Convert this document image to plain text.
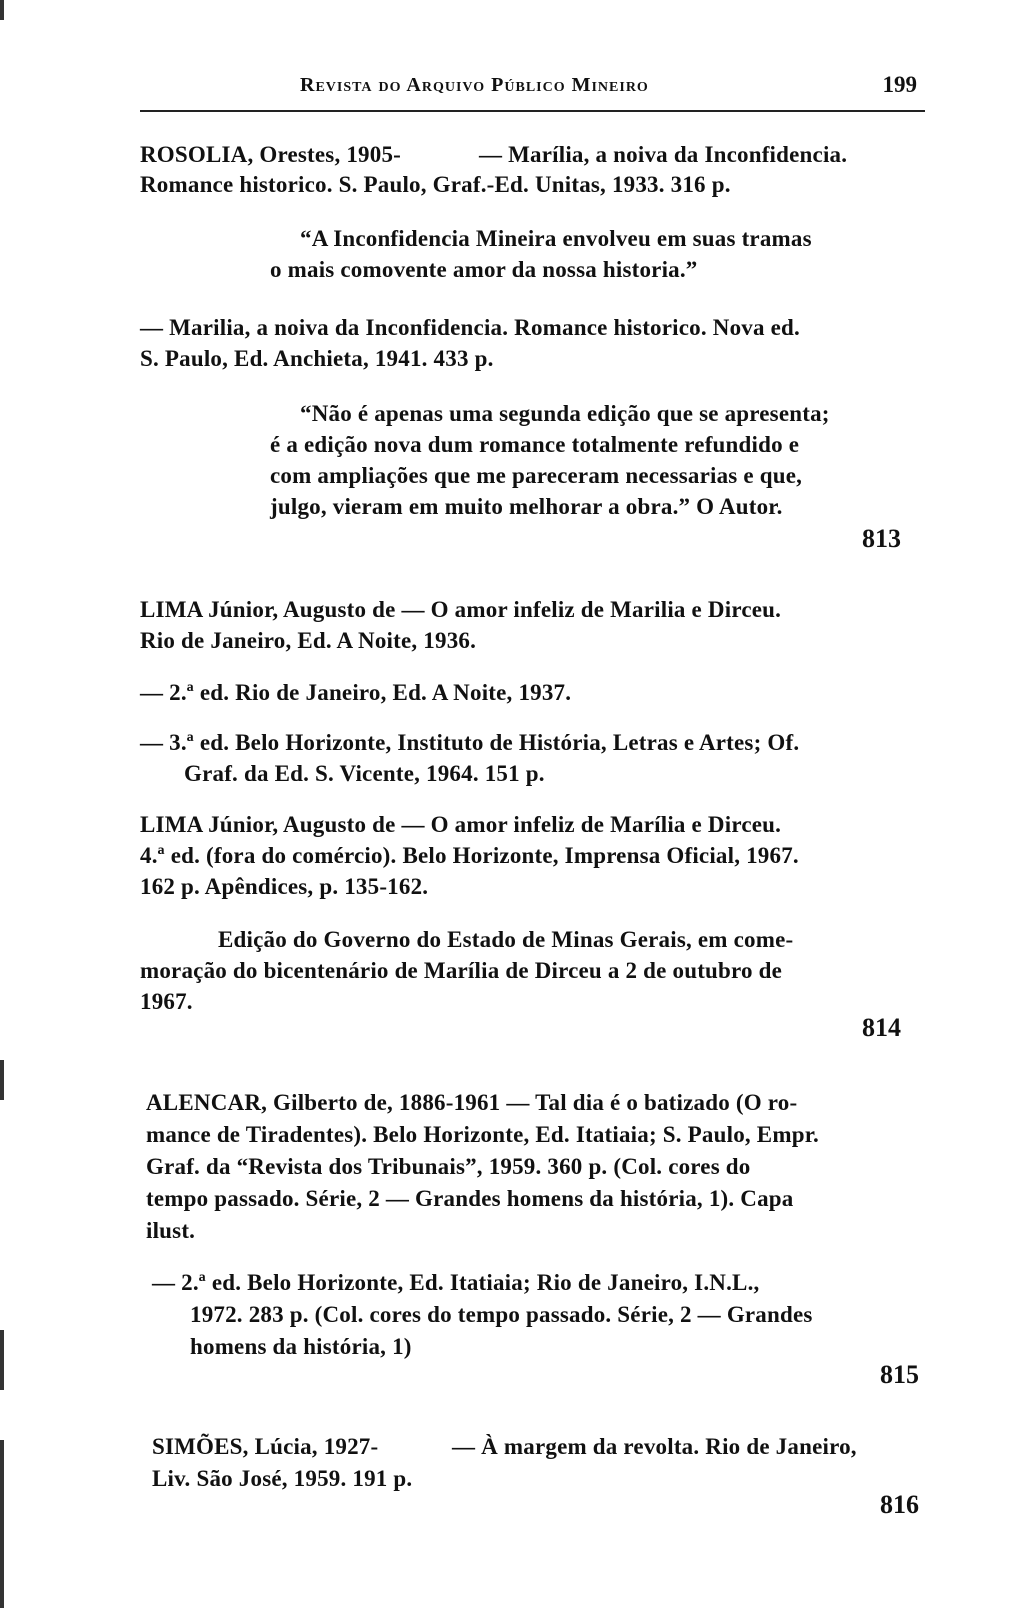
Revista do Arquivo Público Mineiro	199
ROSOLIA, Orestes, 1905-	— Marília, a noiva da Inconfidencia.
Romance historico. S. Paulo, Graf.-Ed. Unitas, 1933. 316 p.
“A Inconfidencia Mineira envolveu em suas tramas
o mais comovente amor da nossa historia.”
— Marilia, a noiva da Inconfidencia. Romance historico. Nova ed.
S. Paulo, Ed. Anchieta, 1941. 433 p.
“Não é apenas uma segunda edição que se apresenta;
é a edição nova dum romance totalmente refundido e
com ampliações que me pareceram necessarias e que,
julgo, vieram em muito melhorar a obra.” O Autor.
813
LIMA Júnior, Augusto de — O amor infeliz de Marilia e Dirceu.
Rio de Janeiro, Ed. A Noite, 1936.
— 2.ª ed. Rio de Janeiro, Ed. A Noite, 1937.
— 3.ª ed. Belo Horizonte, Instituto de História, Letras e Artes; Of.
Graf. da Ed. S. Vicente, 1964. 151 p.
LIMA Júnior, Augusto de — O amor infeliz de Marília e Dirceu.
4.ª ed. (fora do comércio). Belo Horizonte, Imprensa Oficial, 1967.
162 p. Apêndices, p. 135-162.
Edição do Governo do Estado de Minas Gerais, em come-
moração do bicentenário de Marília de Dirceu a 2 de outubro de
1967.
814
ALENCAR, Gilberto de, 1886-1961 — Tal dia é o batizado (O ro-
mance de Tiradentes). Belo Horizonte, Ed. Itatiaia; S. Paulo, Empr.
Graf. da “Revista dos Tribunais”, 1959. 360 p. (Col. cores do
tempo passado. Série, 2 — Grandes homens da história, 1). Capa
ilust.
— 2.ª ed. Belo Horizonte, Ed. Itatiaia; Rio de Janeiro, I.N.L.,
1972. 283 p. (Col. cores do tempo passado. Série, 2 — Grandes
homens da história, 1)
815
SIMÕES, Lúcia, 1927-	— À margem da revolta. Rio de Janeiro,
Liv. São José, 1959. 191 p.
816
